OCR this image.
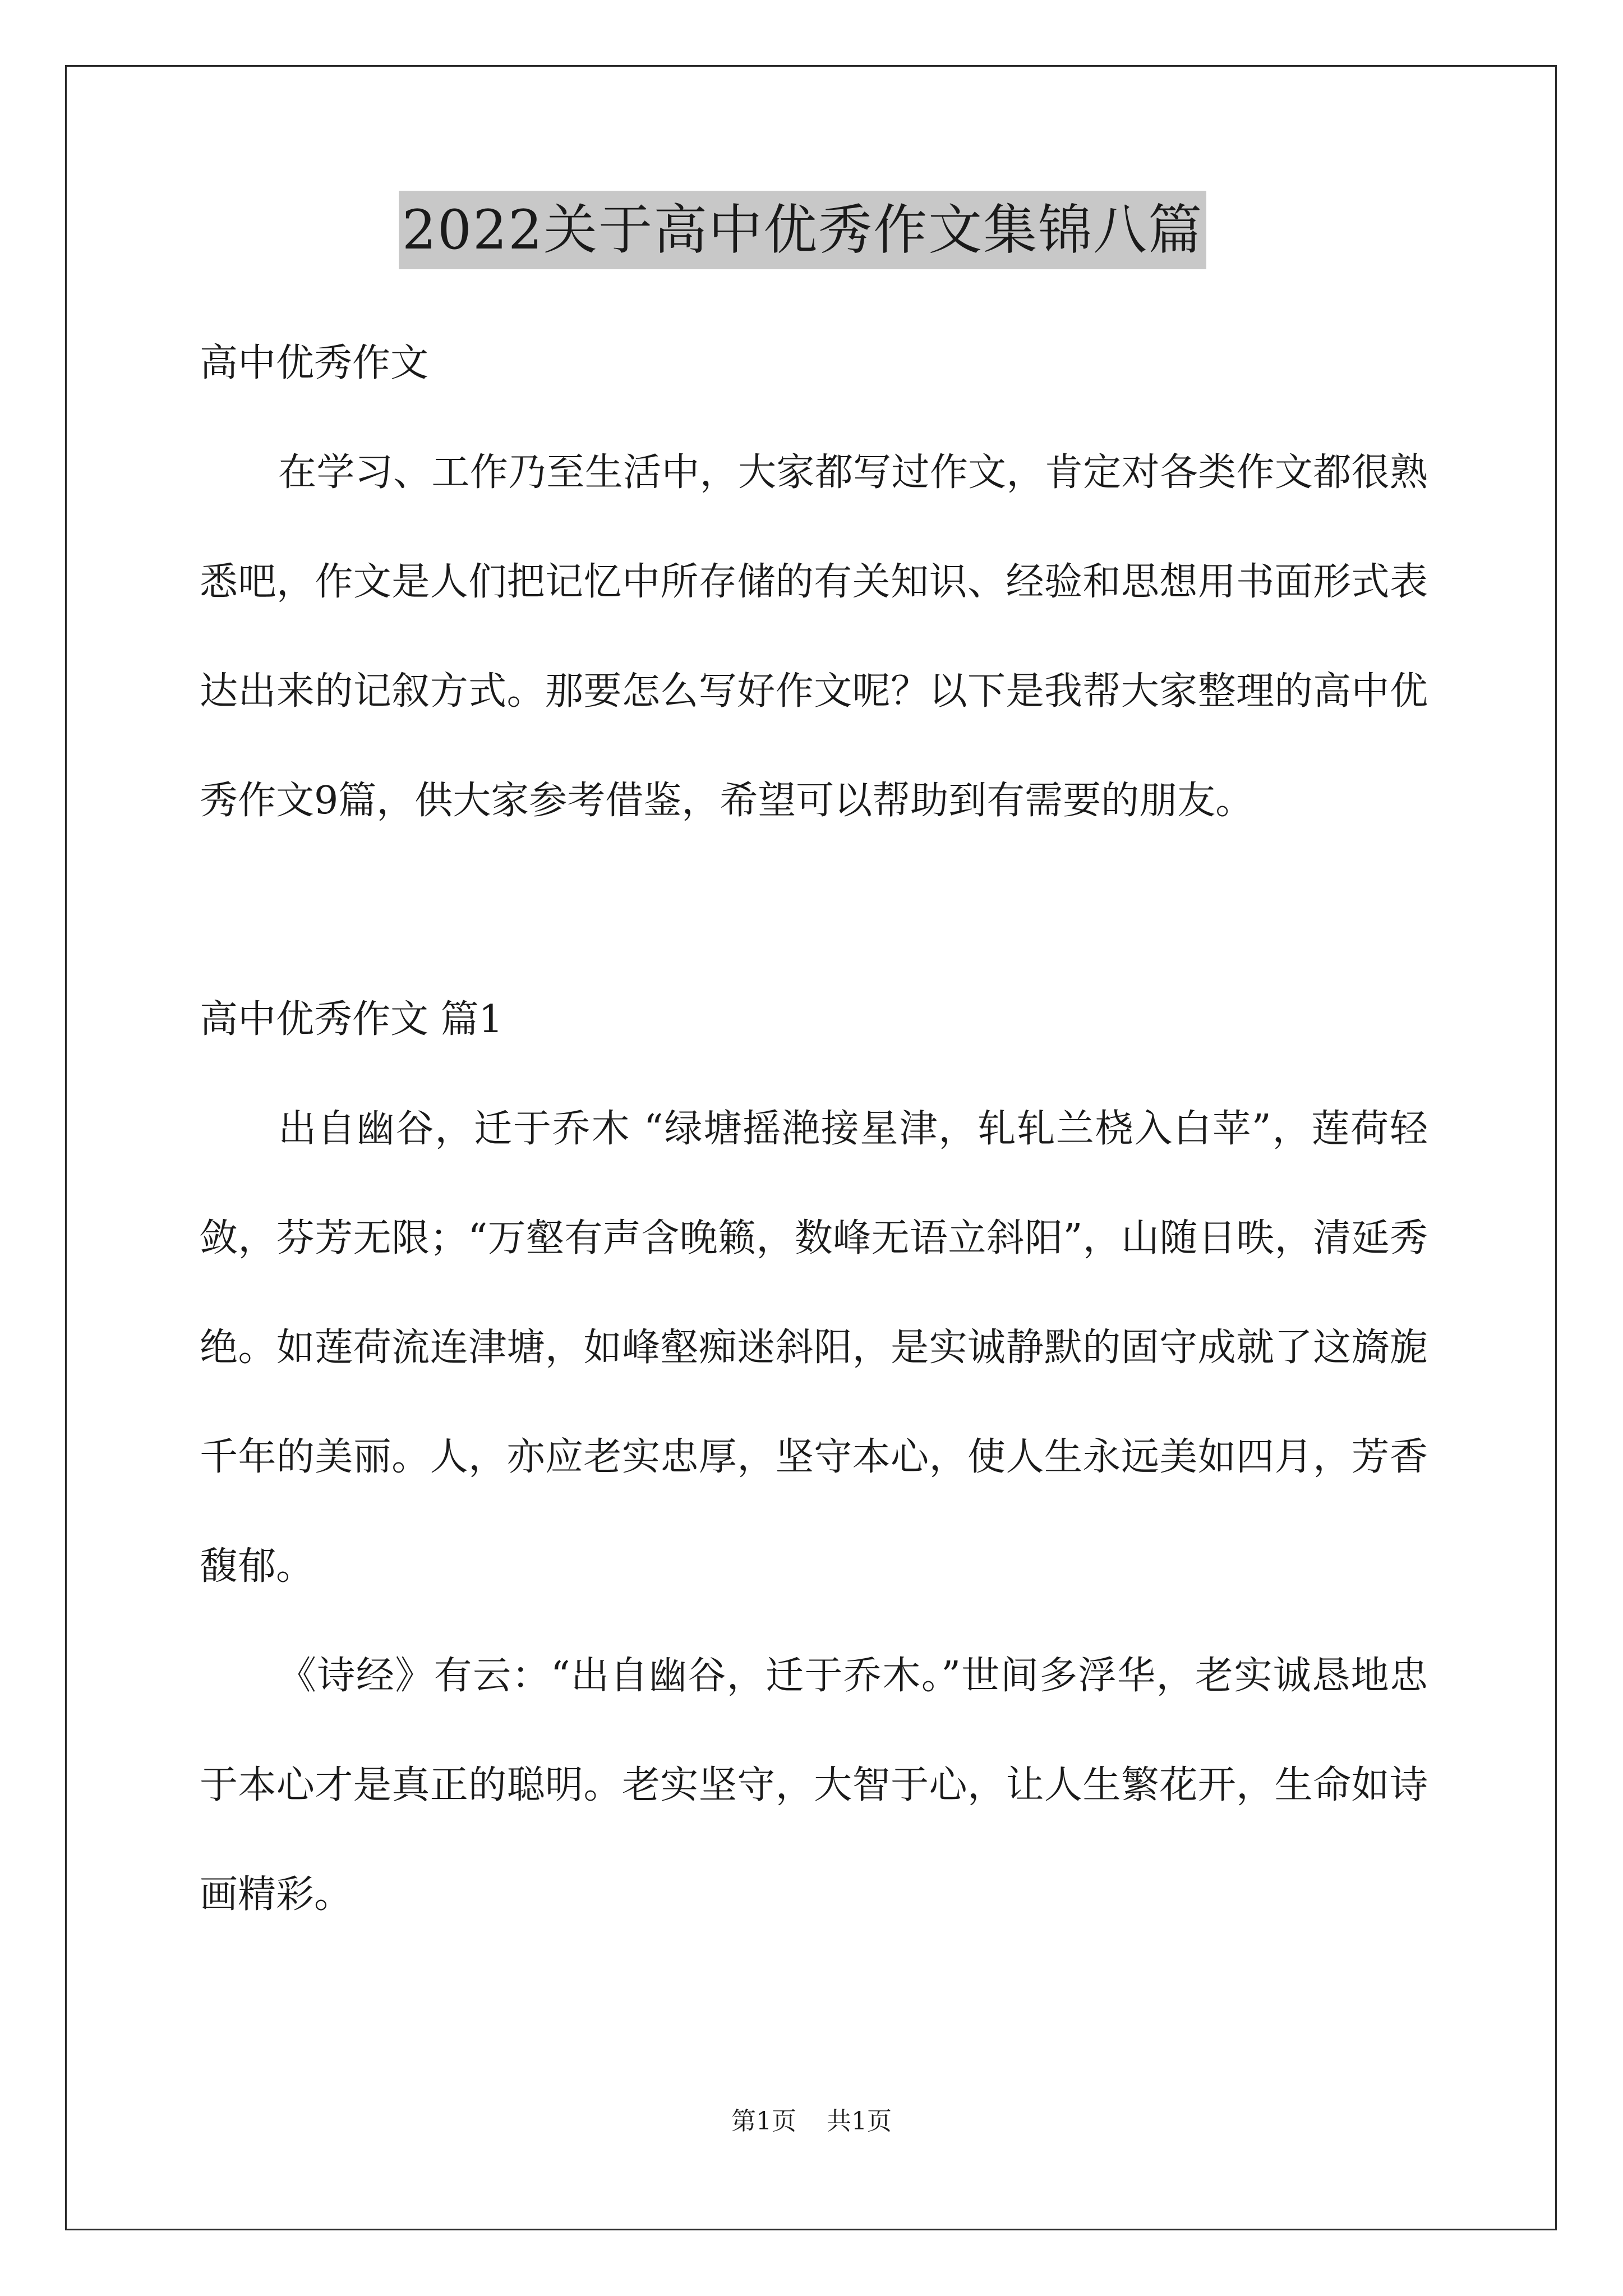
2022关于高中优秀作文集锦八篇

高中优秀作文

在学习、工作乃至生活中，大家都写过作文，肯定对各类作文都很熟悉吧，作文是人们把记忆中所存储的有关知识、经验和思想用书面形式表达出来的记叙方式。那要怎么写好作文呢？以下是我帮大家整理的高中优秀作文9篇，供大家参考借鉴，希望可以帮助到有需要的朋友。

高中优秀作文 篇1

出自幽谷，迁于乔木 “绿塘摇滟接星津，轧轧兰桡入白苹”，莲荷轻敛，芬芳无限；“万壑有声含晚籁，数峰无语立斜阳”，山随日昳，清延秀绝。如莲荷流连津塘，如峰壑痴迷斜阳，是实诚静默的固守成就了这旖旎千年的美丽。人，亦应老实忠厚，坚守本心，使人生永远美如四月，芳香馥郁。

《诗经》有云：“出自幽谷，迁于乔木。”世间多浮华，老实诚恳地忠于本心才是真正的聪明。老实坚守，大智于心，让人生繁花开，生命如诗画精彩。

第1页 共1页
